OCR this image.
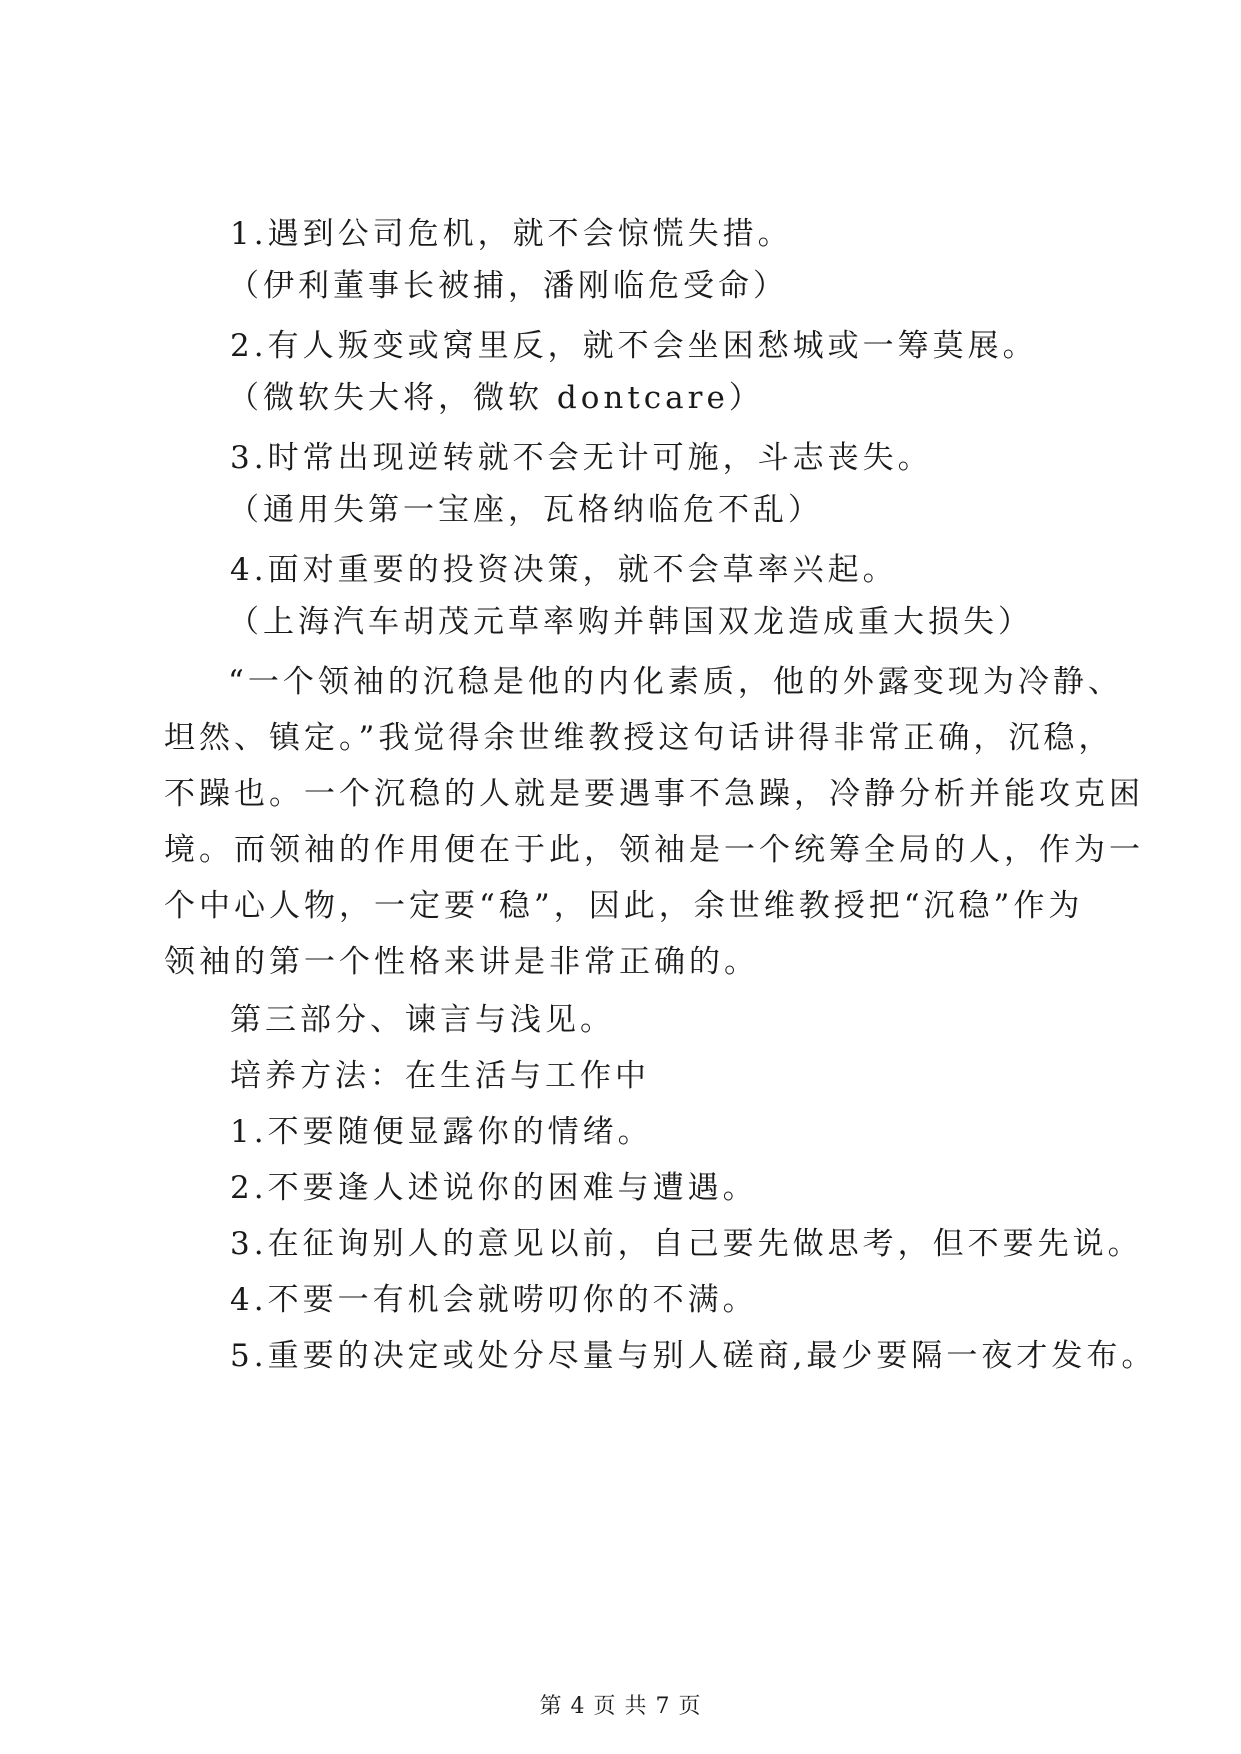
1.遇到公司危机，就不会惊慌失措。
（伊利董事长被捕，潘刚临危受命）
2.有人叛变或窝里反，就不会坐困愁城或一筹莫展。
（微软失大将，微软 dontcare）
3.时常出现逆转就不会无计可施，斗志丧失。
（通用失第一宝座，瓦格纳临危不乱）
4.面对重要的投资决策，就不会草率兴起。
（上海汽车胡茂元草率购并韩国双龙造成重大损失）
“一个领袖的沉稳是他的内化素质，他的外露变现为冷静、
坦然、镇定。”我觉得余世维教授这句话讲得非常正确，沉稳，
不躁也。一个沉稳的人就是要遇事不急躁，冷静分析并能攻克困
境。而领袖的作用便在于此，领袖是一个统筹全局的人，作为一
个中心人物，一定要“稳”，因此，余世维教授把“沉稳”作为
领袖的第一个性格来讲是非常正确的。
第三部分、谏言与浅见。
培养方法：在生活与工作中
1.不要随便显露你的情绪。
2.不要逢人述说你的困难与遭遇。
3.在征询别人的意见以前，自己要先做思考，但不要先说。
4.不要一有机会就唠叨你的不满。
5.重要的决定或处分尽量与别人磋商,最少要隔一夜才发布。
第 4 页 共 7 页
